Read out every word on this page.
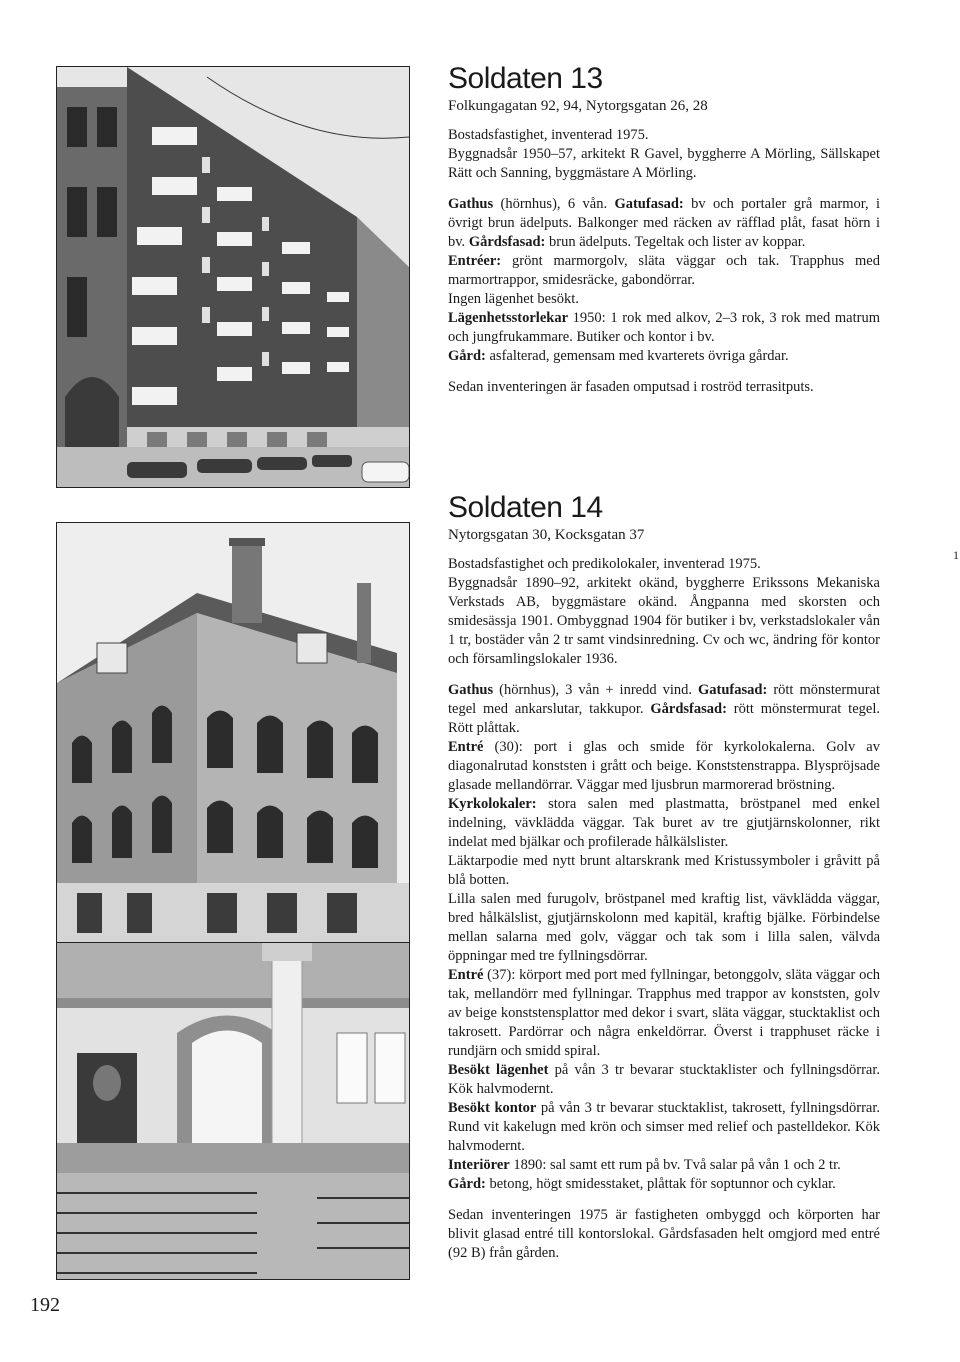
Soldaten 13
Folkungagatan 92, 94, Nytorgsgatan 26, 28

Bostadsfastighet, inventerad 1975.

Byggnadsår 1950–57, arkitekt R Gavel, byggherre A Mörling, Sällskapet Rätt och Sanning, byggmästare A Mörling.

Gathus (hörnhus), 6 vån. Gatufasad: bv och portaler grå marmor, i övrigt brun ädelputs. Balkonger med räcken av räfflad plåt, fasat hörn i bv. Gårdsfasad: brun ädelputs. Tegeltak och lister av koppar.

Entréer: grönt marmorgolv, släta väggar och tak. Trapphus med marmortrappor, smidesräcke, gabondörrar.

Ingen lägenhet besökt.

Lägenhetsstorlekar 1950: 1 rok med alkov, 2–3 rok, 3 rok med matrum och jungfrukammare. Butiker och kontor i bv.

Gård: asfalterad, gemensam med kvarterets övriga gårdar.

Sedan inventeringen är fasaden omputsad i roströd terrasitputs.

Soldaten 14
Nytorgsgatan 30, Kocksgatan 37

Bostadsfastighet och predikolokaler, inventerad 1975.

Byggnadsår 1890–92, arkitekt okänd, byggherre Erikssons Mekaniska Verkstads AB, byggmästare okänd. Ångpanna med skorsten och smidesässja 1901. Ombyggnad 1904 för butiker i bv, verkstadslokaler vån 1 tr, bostäder vån 2 tr samt vindsinredning. Cv och wc, ändring för kontor och församlingslokaler 1936.

Gathus (hörnhus), 3 vån + inredd vind. Gatufasad: rött mönstermurat tegel med ankarslutar, takkupor. Gårdsfasad: rött mönstermurat tegel. Rött plåttak.

Entré (30): port i glas och smide för kyrkolokalerna. Golv av diagonalrutad konststen i grått och beige. Konststenstrappa. Blyspröjsade glasade mellandörrar. Väggar med ljusbrun marmorerad bröstning.

Kyrkolokaler: stora salen med plastmatta, bröstpanel med enkel indelning, vävklädda väggar. Tak buret av tre gjutjärnskolonner, rikt indelat med bjälkar och profilerade hålkälslister.

Läktarpodie med nytt brunt altarskrank med Kristussymboler i gråvitt på blå botten.

Lilla salen med furugolv, bröstpanel med kraftig list, vävklädda väggar, bred hålkälslist, gjutjärnskolonn med kapitäl, kraftig bjälke. Förbindelse mellan salarna med golv, väggar och tak som i lilla salen, välvda öppningar med tre fyllningsdörrar.

Entré (37): körport med port med fyllningar, betonggolv, släta väggar och tak, mellandörr med fyllningar. Trapphus med trappor av konststen, golv av beige konststensplattor med dekor i svart, släta väggar, stucktaklist och takrosett. Pardörrar och några enkeldörrar. Överst i trapphuset räcke i rundjärn och smidd spiral.

Besökt lägenhet på vån 3 tr bevarar stucktaklister och fyllningsdörrar. Kök halvmodernt.

Besökt kontor på vån 3 tr bevarar stucktaklist, takrosett, fyllningsdörrar. Rund vit kakelugn med krön och simser med relief och pastelldekor. Kök halvmodernt.

Interiörer 1890: sal samt ett rum på bv. Två salar på vån 1 och 2 tr.

Gård: betong, högt smidesstaket, plåttak för soptunnor och cyklar.

Sedan inventeringen 1975 är fastigheten ombyggd och körporten har blivit glasad entré till kontorslokal. Gårdsfasaden helt omgjord med entré (92 B) från gården.

192
1
